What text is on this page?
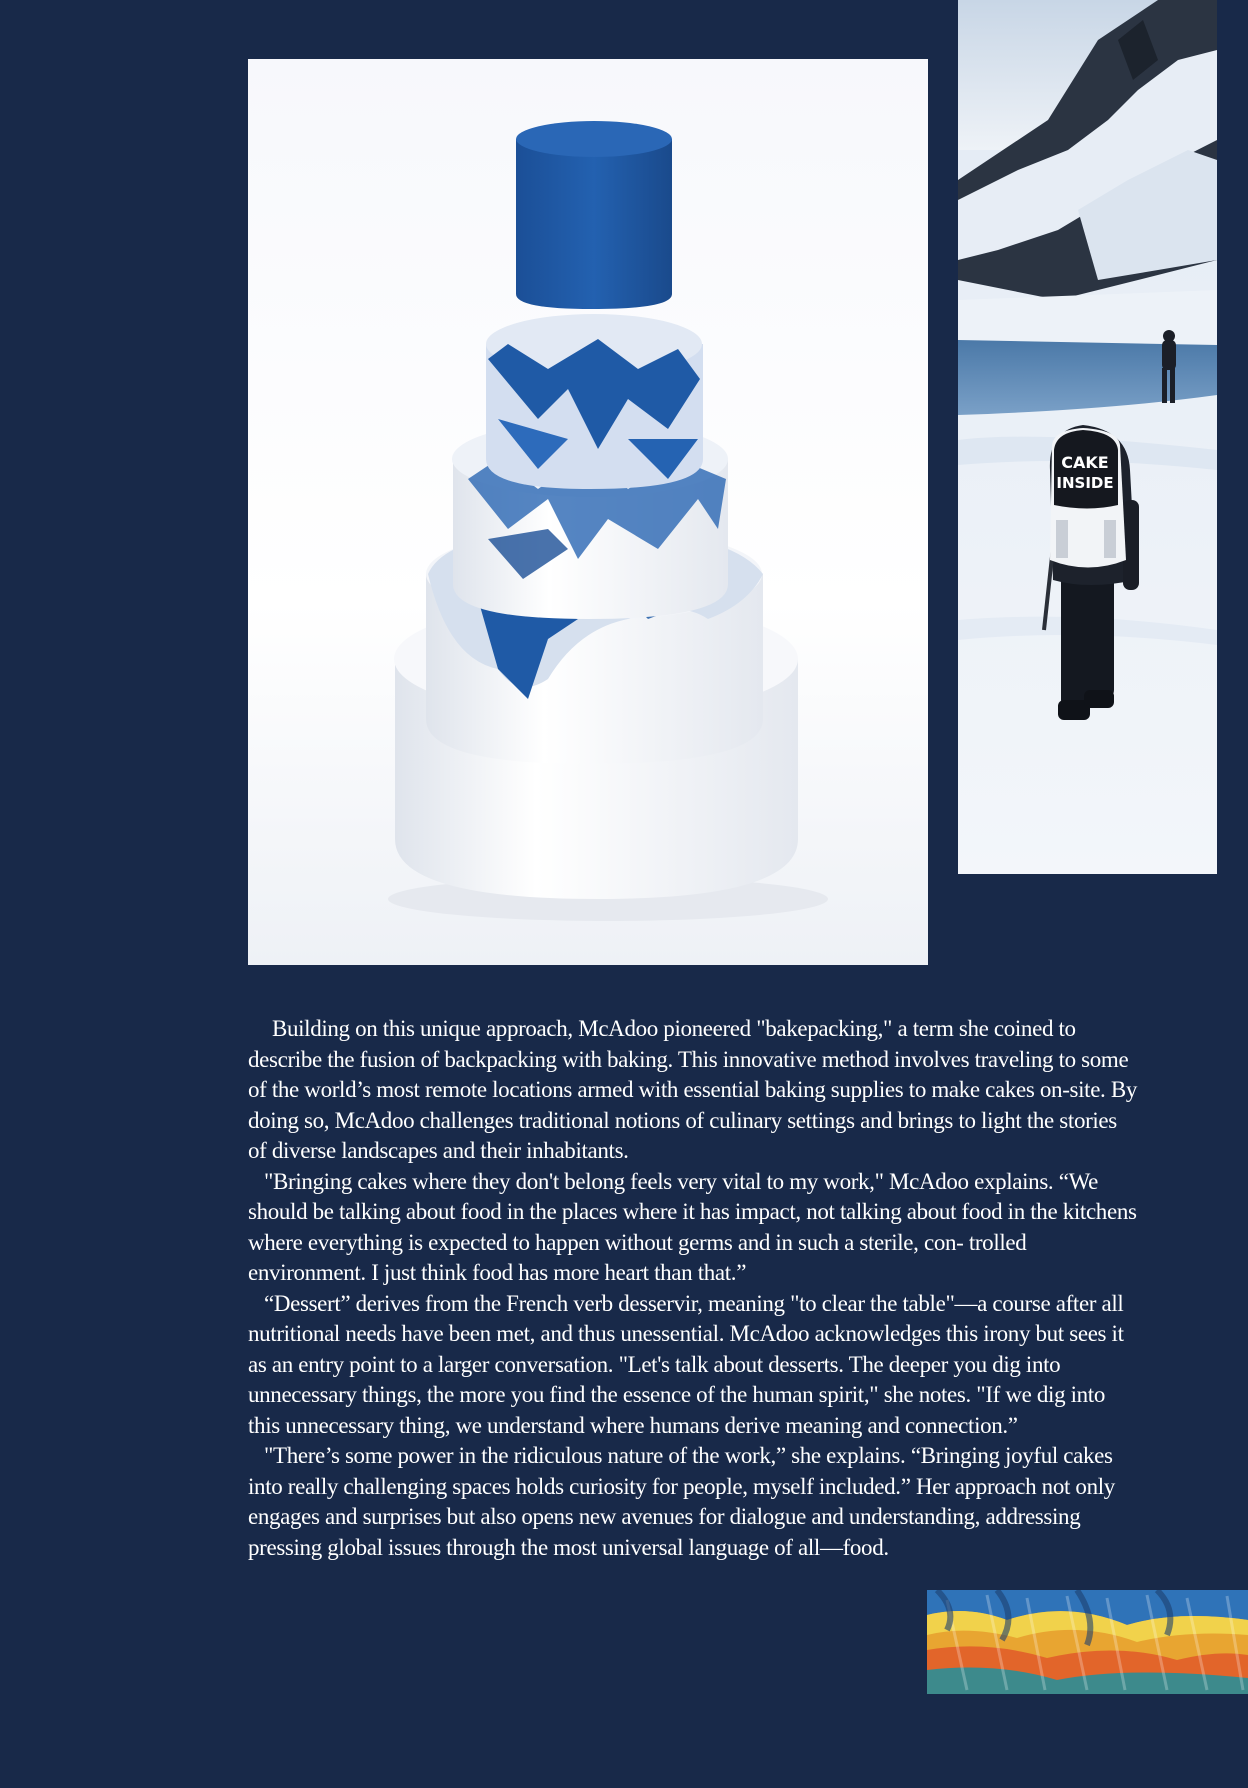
CAKE
INSIDE

Building on this unique approach, McAdoo pioneered "bakepacking," a term she coined to describe the fusion of backpacking with baking. This innovative method involves traveling to some of the world’s most remote locations armed with essential baking supplies to make cakes on-site. By doing so, McAdoo challenges traditional notions of culinary settings and brings to light the stories of diverse landscapes and their inhabitants.

"Bringing cakes where they don't belong feels very vital to my work," McAdoo explains. “We should be talking about food in the places where it has impact, not talking about food in the kitchens where everything is expected to happen without germs and in such a sterile, con- trolled environment. I just think food has more heart than that.”

“Dessert” derives from the French verb desservir, meaning "to clear the table"—a course after all nutritional needs have been met, and thus unessential. McAdoo acknowledges this irony but sees it as an entry point to a larger conversation. "Let's talk about desserts. The deeper you dig into unnecessary things, the more you find the essence of the human spirit," she notes. "If we dig into this unnecessary thing, we understand where humans derive meaning and connection.”

"There’s some power in the ridiculous nature of the work,” she explains. “Bringing joyful cakes into really challenging spaces holds curiosity for people, myself included.” Her approach not only engages and surprises but also opens new avenues for dialogue and understanding, addressing pressing global issues through the most universal language of all—food.
